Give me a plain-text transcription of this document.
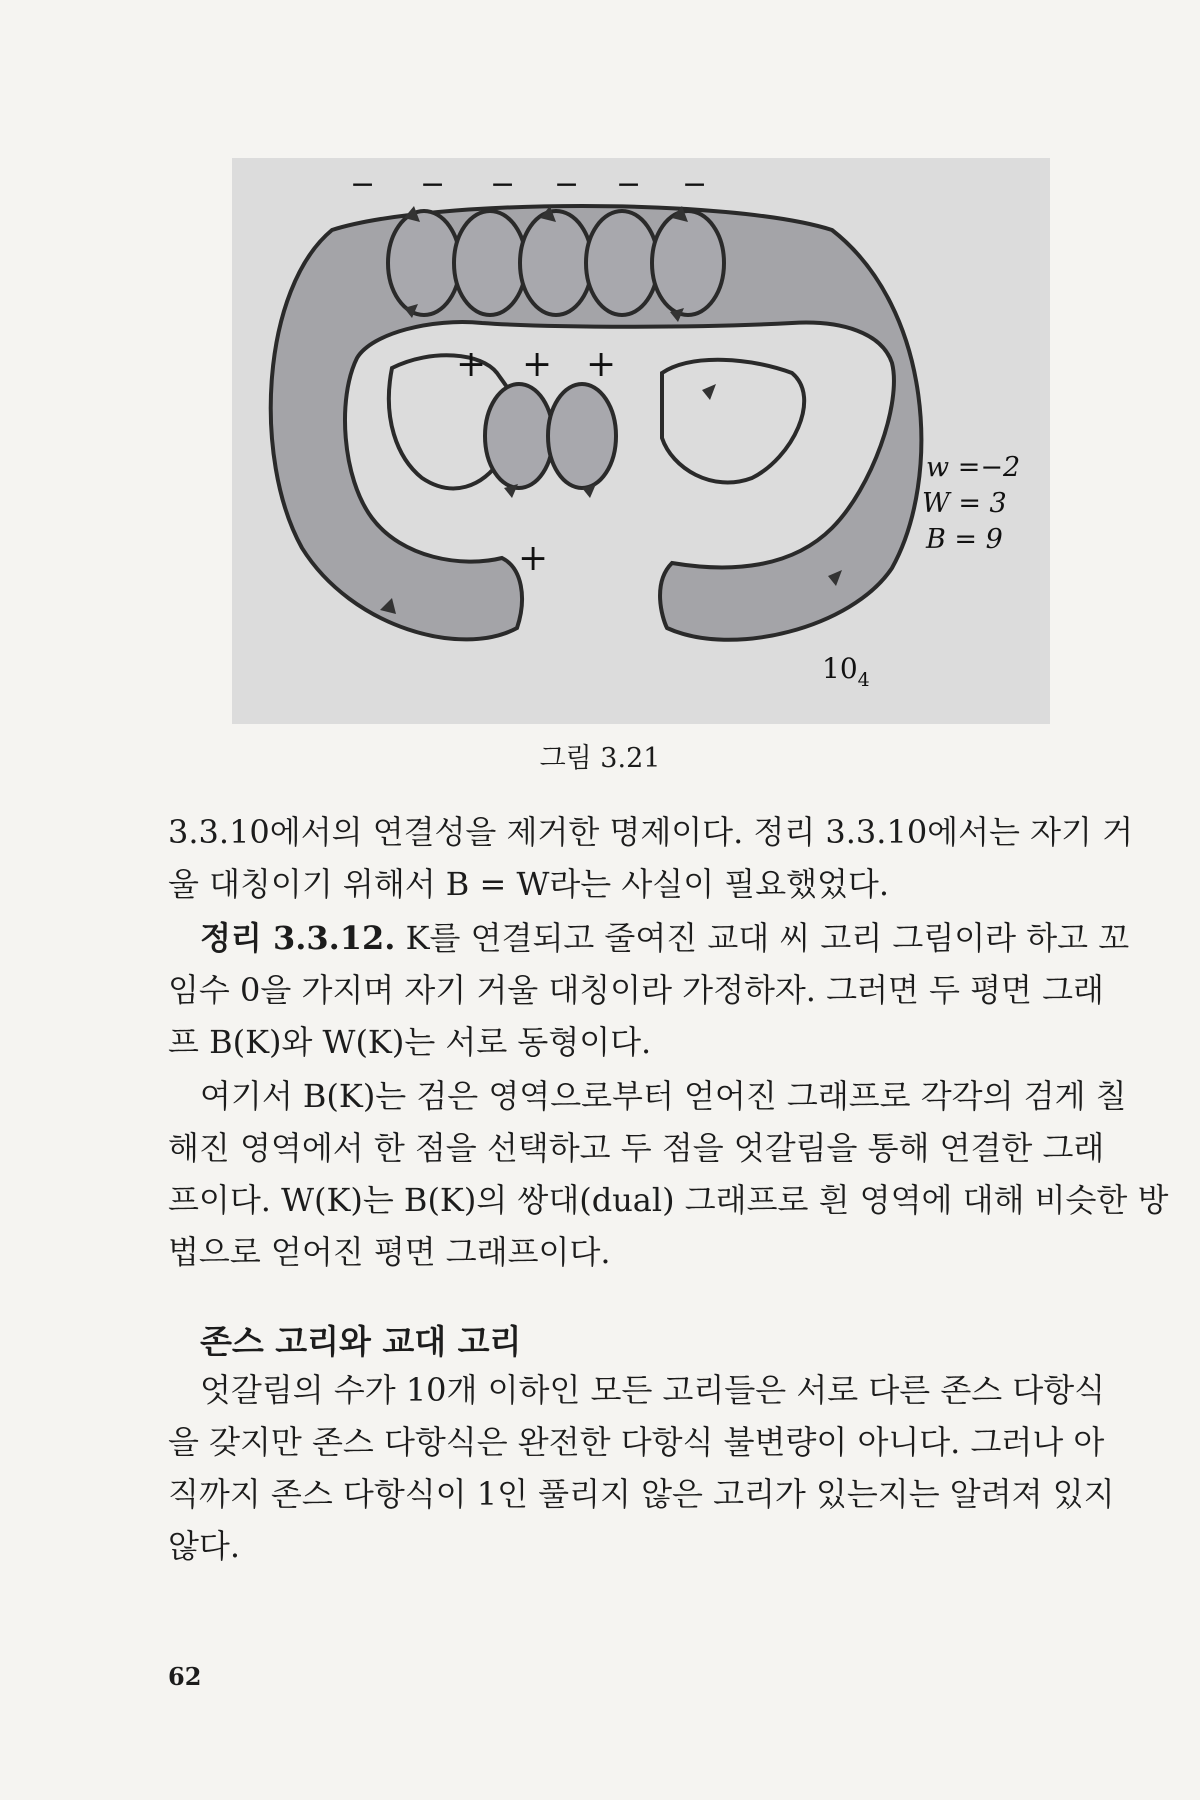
− − − − − −
+ + +
+
w =−2
W = 3
B = 9
$10_4$
그림 3.21

3.3.10에서의 연결성을 제거한 명제이다. 정리 3.3.10에서는 자기 거
울 대칭이기 위해서 B = W라는 사실이 필요했었다.

정리 3.3.12. K를 연결되고 줄여진 교대 씨 고리 그림이라 하고 꼬
임수 0을 가지며 자기 거울 대칭이라 가정하자. 그러면 두 평면 그래
프 B(K)와 W(K)는 서로 동형이다.

여기서 B(K)는 검은 영역으로부터 얻어진 그래프로 각각의 검게 칠
해진 영역에서 한 점을 선택하고 두 점을 엇갈림을 통해 연결한 그래
프이다. W(K)는 B(K)의 쌍대(dual) 그래프로 흰 영역에 대해 비슷한 방
법으로 얻어진 평면 그래프이다.

존스 고리와 교대 고리

엇갈림의 수가 10개 이하인 모든 고리들은 서로 다른 존스 다항식
을 갖지만 존스 다항식은 완전한 다항식 불변량이 아니다. 그러나 아
직까지 존스 다항식이 1인 풀리지 않은 고리가 있는지는 알려져 있지
않다.

62
